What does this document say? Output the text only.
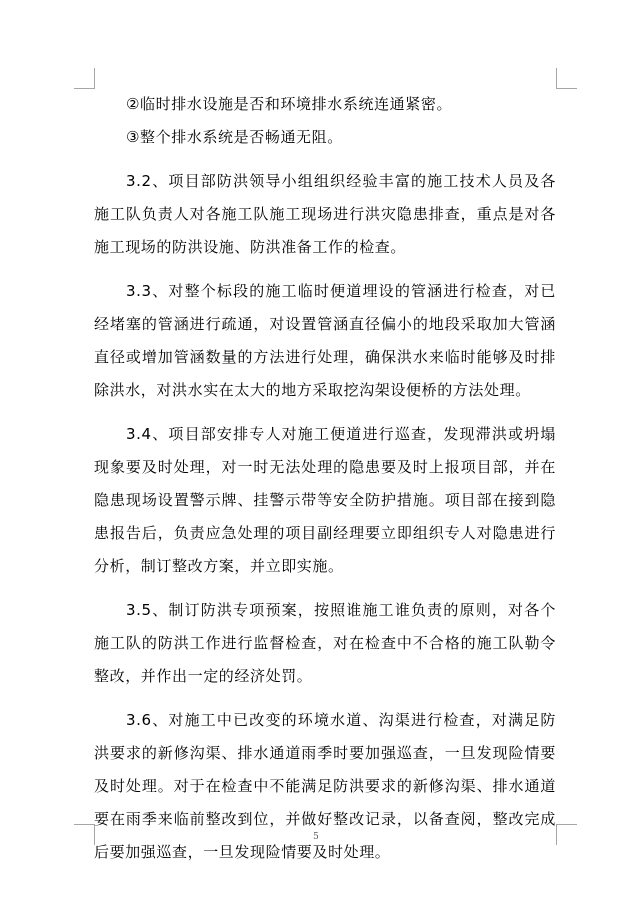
②临时排水设施是否和环境排水系统连通紧密。

③整个排水系统是否畅通无阻。

3.2、项目部防洪领导小组组织经验丰富的施工技术人员及各施工队负责人对各施工队施工现场进行洪灾隐患排查，重点是对各施工现场的防洪设施、防洪准备工作的检查。

3.3、对整个标段的施工临时便道埋设的管涵进行检查，对已经堵塞的管涵进行疏通，对设置管涵直径偏小的地段采取加大管涵直径或增加管涵数量的方法进行处理，确保洪水来临时能够及时排除洪水，对洪水实在太大的地方采取挖沟架设便桥的方法处理。

3.4、项目部安排专人对施工便道进行巡查，发现滞洪或坍塌现象要及时处理，对一时无法处理的隐患要及时上报项目部，并在隐患现场设置警示牌、挂警示带等安全防护措施。项目部在接到隐患报告后，负责应急处理的项目副经理要立即组织专人对隐患进行分析，制订整改方案，并立即实施。

3.5、制订防洪专项预案，按照谁施工谁负责的原则，对各个施工队的防洪工作进行监督检查，对在检查中不合格的施工队勒令整改，并作出一定的经济处罚。

3.6、对施工中已改变的环境水道、沟渠进行检查，对满足防洪要求的新修沟渠、排水通道雨季时要加强巡查，一旦发现险情要及时处理。对于在检查中不能满足防洪要求的新修沟渠、排水通道要在雨季来临前整改到位，并做好整改记录，以备查阅，整改完成后要加强巡查，一旦发现险情要及时处理。

5
